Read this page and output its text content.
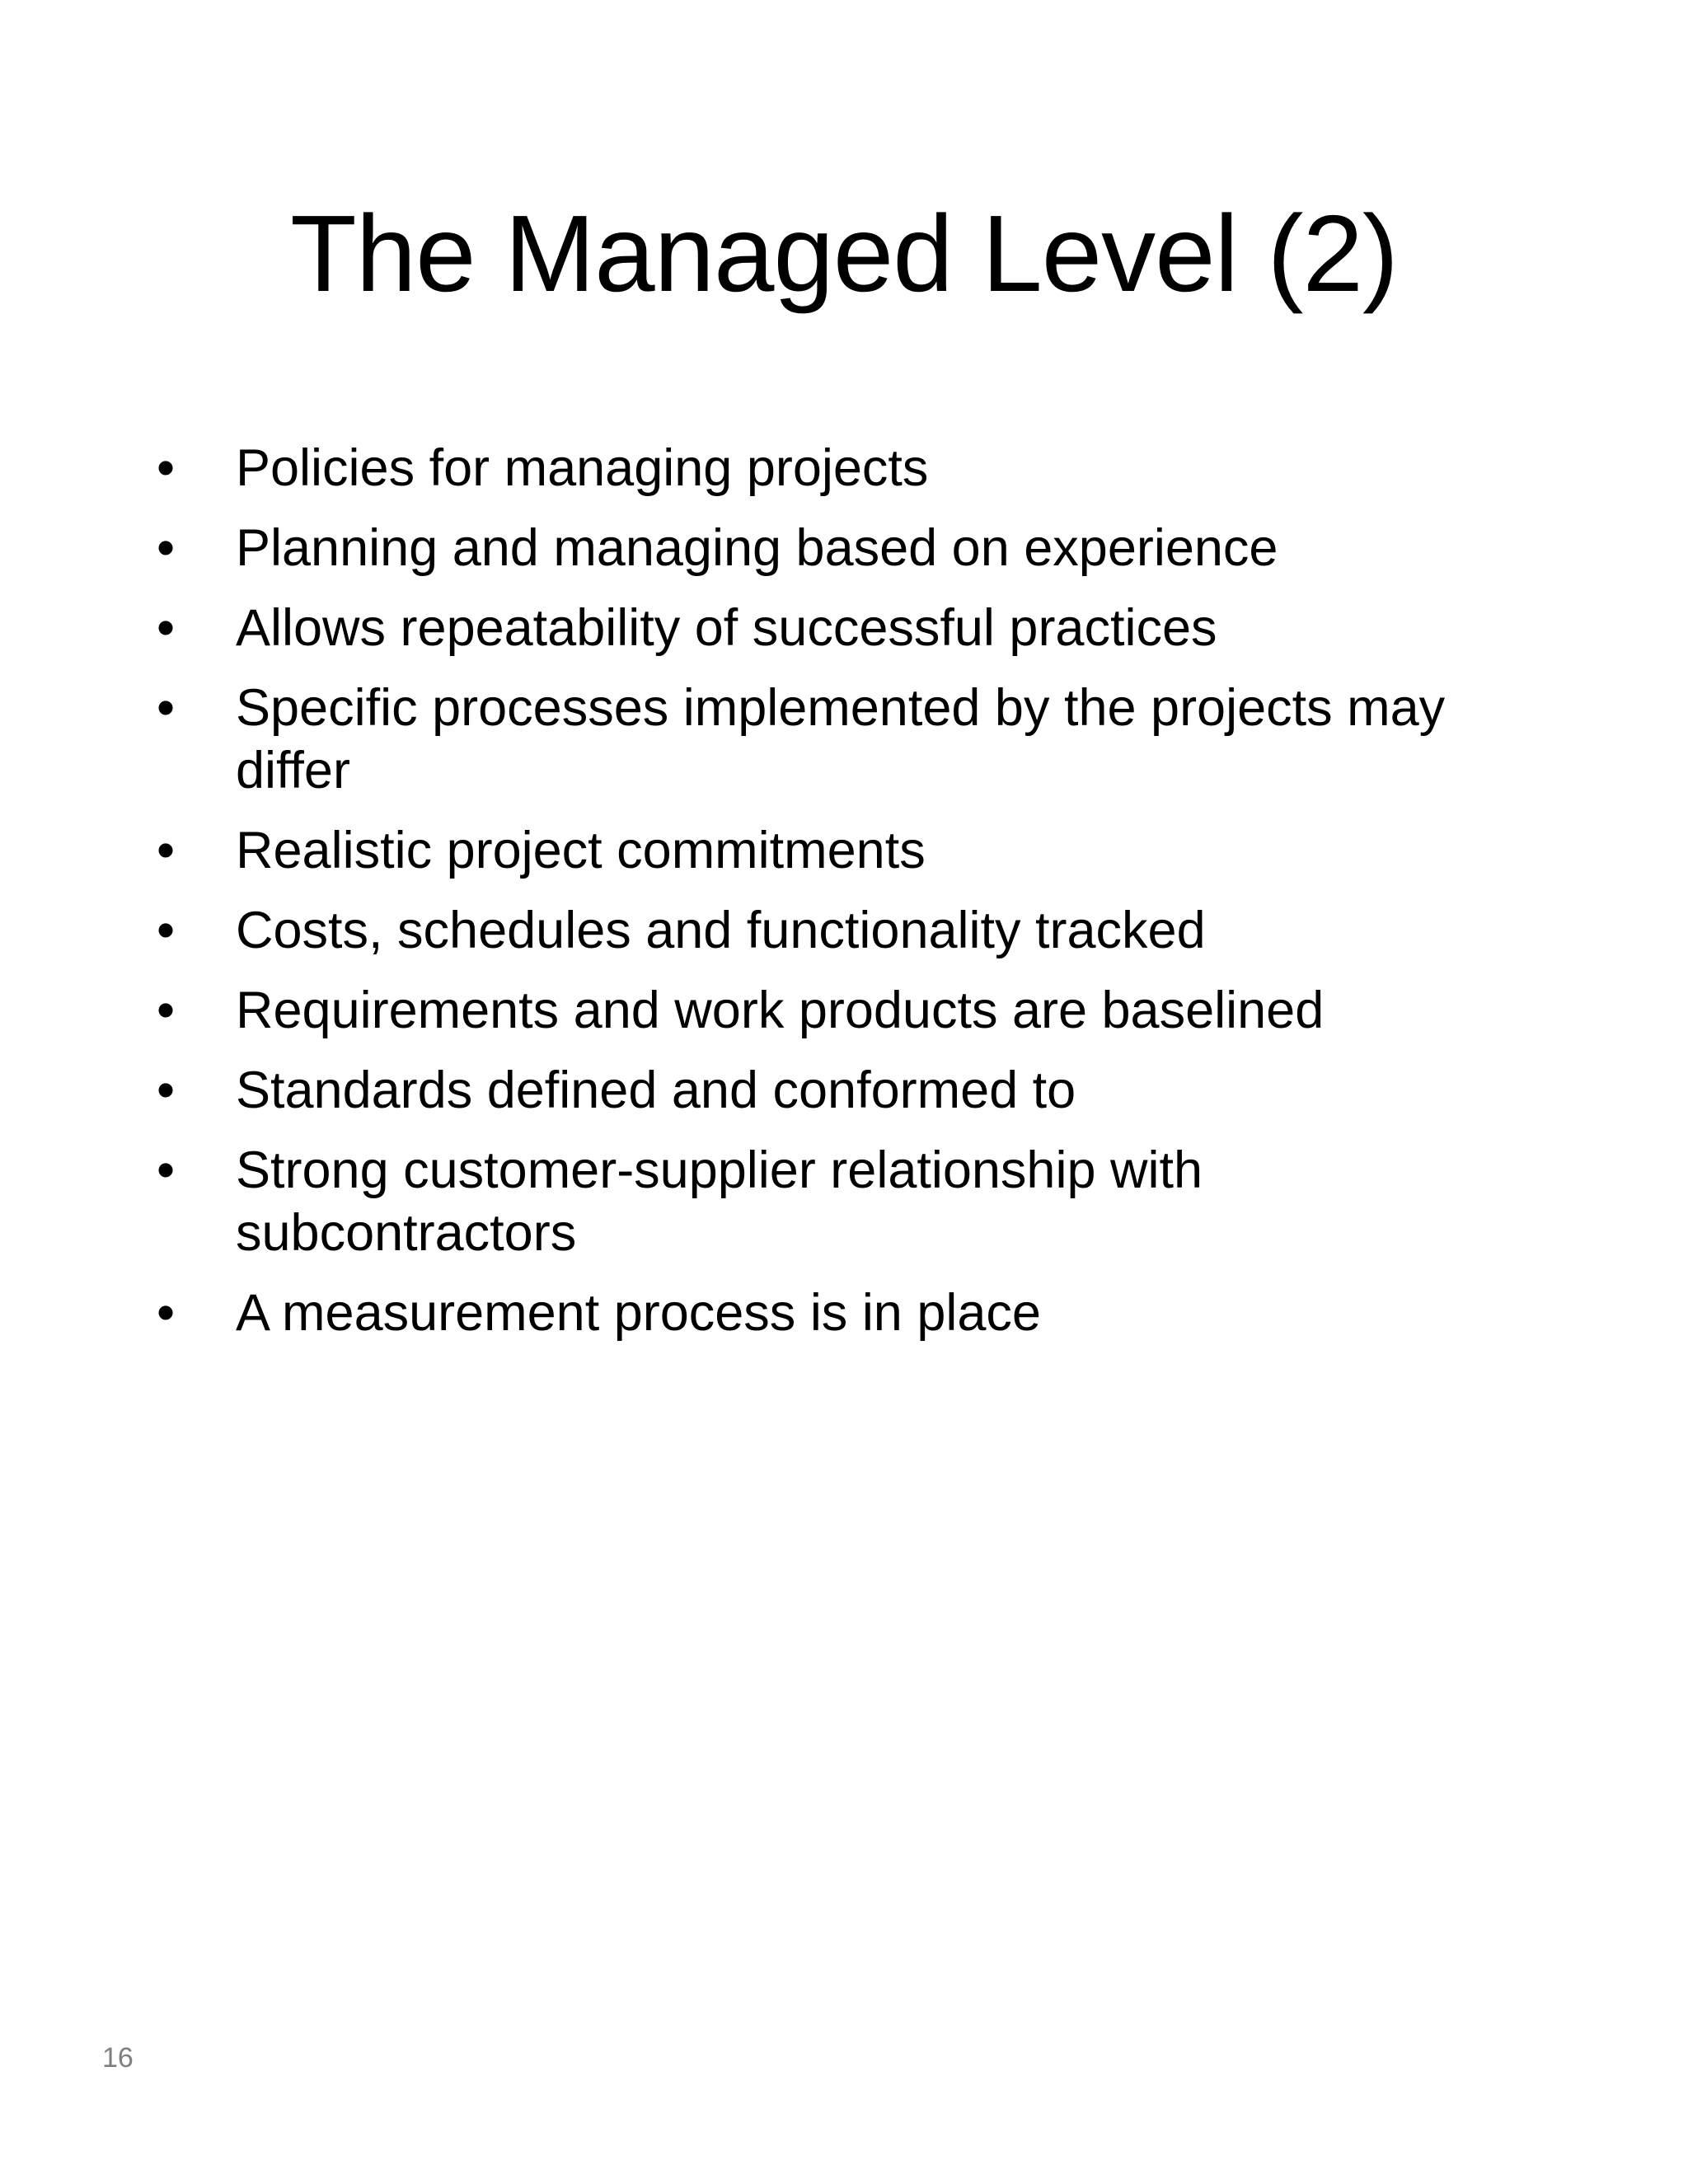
The Managed Level (2)
• Policies for managing projects
• Planning and managing based on experience
• Allows repeatability of successful practices
• Specific processes implemented by the projects may differ
• Realistic project commitments
• Costs, schedules and functionality tracked
• Requirements and work products are baselined
• Standards defined and conformed to
• Strong customer-supplier relationship with subcontractors
• A measurement process is in place
16
